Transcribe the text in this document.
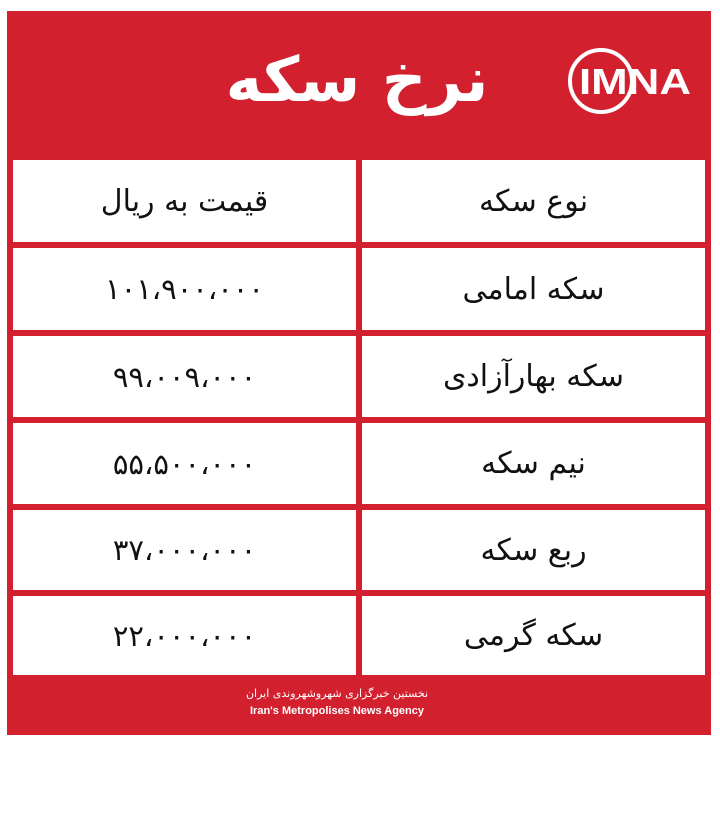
نرخ سکه	IMNA
نوع سکه
قیمت به ریال
سکه امامی
۱۰۱،۹۰۰،۰۰۰
سکه بهارآزادی
۹۹،۰۰۹،۰۰۰
نیم سکه
۵۵،۵۰۰،۰۰۰
ربع سکه
۳۷،۰۰۰،۰۰۰
سکه گرمی
۲۲،۰۰۰،۰۰۰
نخستین خبرگزاری شهروشهروندی ایران
Iran's Metropolises News Agency
